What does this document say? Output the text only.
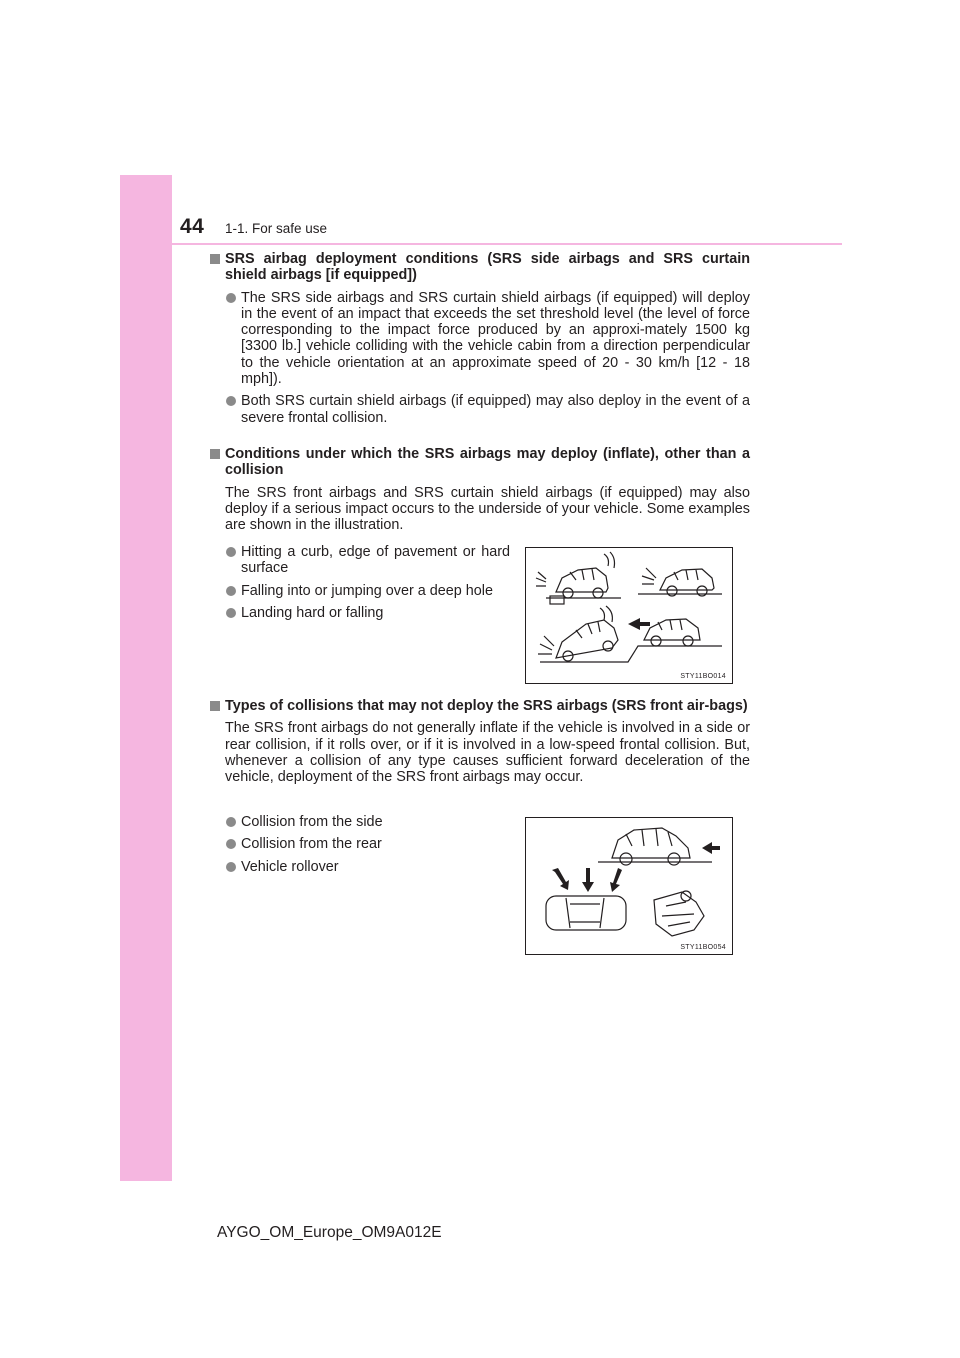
44 1-1. For safe use
SRS airbag deployment conditions (SRS side airbags and SRS curtain shield airbags [if equipped])
The SRS side airbags and SRS curtain shield airbags (if equipped) will deploy in the event of an impact that exceeds the set threshold level (the level of force corresponding to the impact force produced by an approxi-mately 1500 kg [3300 lb.] vehicle colliding with the vehicle cabin from a direction perpendicular to the vehicle orientation at an approximate speed of 20 - 30 km/h [12 - 18 mph]).
Both SRS curtain shield airbags (if equipped) may also deploy in the event of a severe frontal collision.
Conditions under which the SRS airbags may deploy (inflate), other than a collision
The SRS front airbags and SRS curtain shield airbags (if equipped) may also deploy if a serious impact occurs to the underside of your vehicle. Some examples are shown in the illustration.
Hitting a curb, edge of pavement or hard surface
Falling into or jumping over a deep hole
Landing hard or falling
STY11BO014
Types of collisions that may not deploy the SRS airbags (SRS front air-bags)
The SRS front airbags do not generally inflate if the vehicle is involved in a side or rear collision, if it rolls over, or if it is involved in a low-speed frontal collision. But, whenever a collision of any type causes sufficient forward deceleration of the vehicle, deployment of the SRS front airbags may occur.
Collision from the side
Collision from the rear
Vehicle rollover
STY11BO054
AYGO_OM_Europe_OM9A012E
